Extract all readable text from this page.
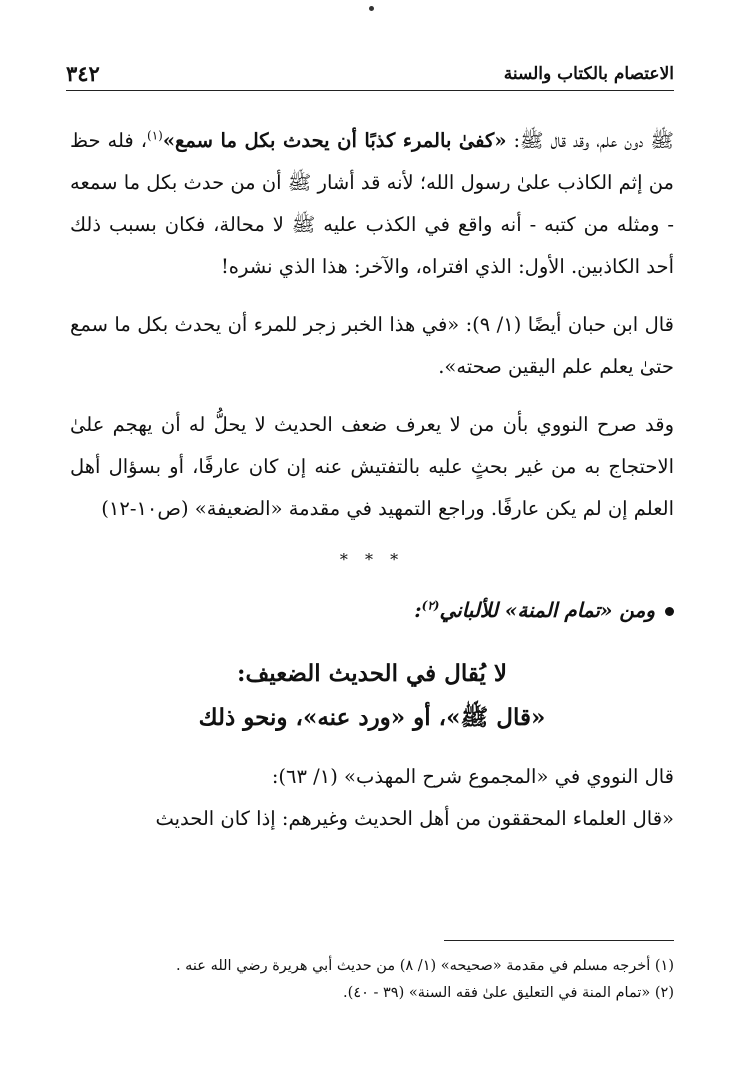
الاعتصام بالكتاب والسنة
٣٤٢

ﷺ دون علم، وقد قال ﷺ: «كفىٰ بالمرء كذبًا أن يحدث بكل ما سمع»$^{(١)}$، فله حظ من إثم الكاذب علىٰ رسول الله؛ لأنه قد أشار ﷺ أن من حدث بكل ما سمعه - ومثله من كتبه - أنه واقع في الكذب عليه ﷺ لا محالة، فكان بسبب ذلك أحد الكاذبين. الأول: الذي افتراه، والآخر: هذا الذي نشره!

قال ابن حبان أيضًا (١/ ٩): «في هذا الخبر زجر للمرء أن يحدث بكل ما سمع حتىٰ يعلم علم اليقين صحته».

وقد صرح النووي بأن من لا يعرف ضعف الحديث لا يحلُّ له أن يهجم علىٰ الاحتجاج به من غير بحثٍ عليه بالتفتيش عنه إن كان عارفًا، أو بسؤال أهل العلم إن لم يكن عارفًا. وراجع التمهيد في مقدمة «الضعيفة» (ص١٠-١٢)

* * *
ومن «تمام المنة» للألباني$^{(٢)}$:

لا يُقال في الحديث الضعيف:

«قال ﷺ»، أو «ورد عنه»، ونحو ذلك

قال النووي في «المجموع شرح المهذب» (١/ ٦٣):

«قال العلماء المحققون من أهل الحديث وغيرهم: إذا كان الحديث

(١) أخرجه مسلم في مقدمة «صحيحه» (١/ ٨) من حديث أبي هريرة رضي الله عنه .

(٢) «تمام المنة في التعليق علىٰ فقه السنة» (٣٩ - ٤٠).
